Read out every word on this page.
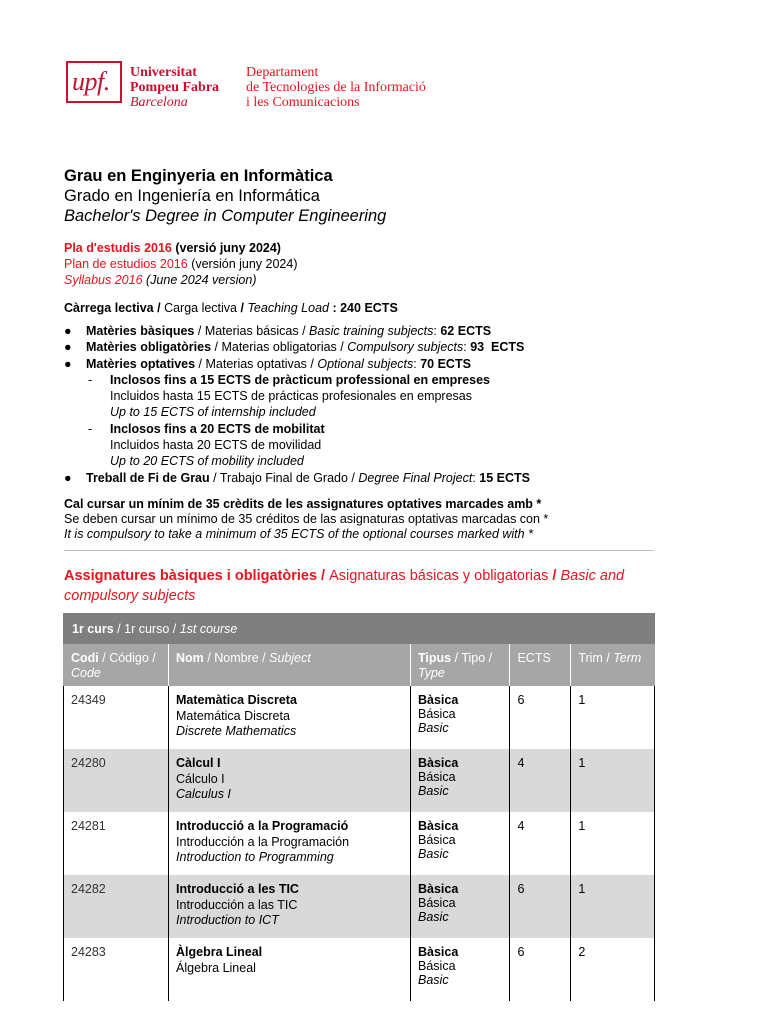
upf. Universitat
Pompeu Fabra
Barcelona
Departament
de Tecnologies de la Informació
i les Comunicacions
Grau en Enginyeria en Informàtica
Grado en Ingeniería en Informática
Bachelor's Degree in Computer Engineering
Pla d'estudis 2016 (versió juny 2024)
Plan de estudios 2016 (versión juny 2024)
Syllabus 2016 (June 2024 version)
Càrrega lectiva / Carga lectiva / Teaching Load : 240 ECTS
● Matèries bàsiques / Materias básicas / Basic training subjects: 62 ECTS
● Matèries obligatòries / Materias obligatorias / Compulsory subjects: 93  ECTS
● Matèries optatives / Materias optativas / Optional subjects: 70 ECTS
- Inclosos fins a 15 ECTS de pràcticum professional en empreses
Incluidos hasta 15 ECTS de prácticas profesionales en empresas
Up to 15 ECTS of internship included
- Inclosos fins a 20 ECTS de mobilitat
Incluidos hasta 20 ECTS de movilidad
Up to 20 ECTS of mobility included
● Treball de Fi de Grau / Trabajo Final de Grado / Degree Final Project: 15 ECTS
Cal cursar un mínim de 35 crèdits de les assignatures optatives marcades amb *
Se deben cursar un mínimo de 35 créditos de las asignaturas optativas marcadas con *
It is compulsory to take a minimum of 35 ECTS of the optional courses marked with *
Assignatures bàsiques i obligatòries / Asignaturas básicas y obligatorias / Basic and compulsory subjects
1r curs / 1r curso / 1st course				
Codi / Código /
Code	Nom / Nombre / Subject	Tipus / Tipo /
Type	ECTS	Trim / Term
24349	Matemàtica Discreta
Matemática Discreta
Discrete Mathematics	Bàsica
Básica
Basic	6	1
24280	Càlcul I
Cálculo I
Calculus I	Bàsica
Básica
Basic	4	1
24281	Introducció a la Programació
Introducción a la Programación
Introduction to Programming	Bàsica
Básica
Basic	4	1
24282	Introducció a les TIC
Introducción a las TIC
Introduction to ICT	Bàsica
Básica
Basic	6	1
24283	Àlgebra Lineal
Álgebra Lineal	Bàsica
Básica
Basic	6	2
